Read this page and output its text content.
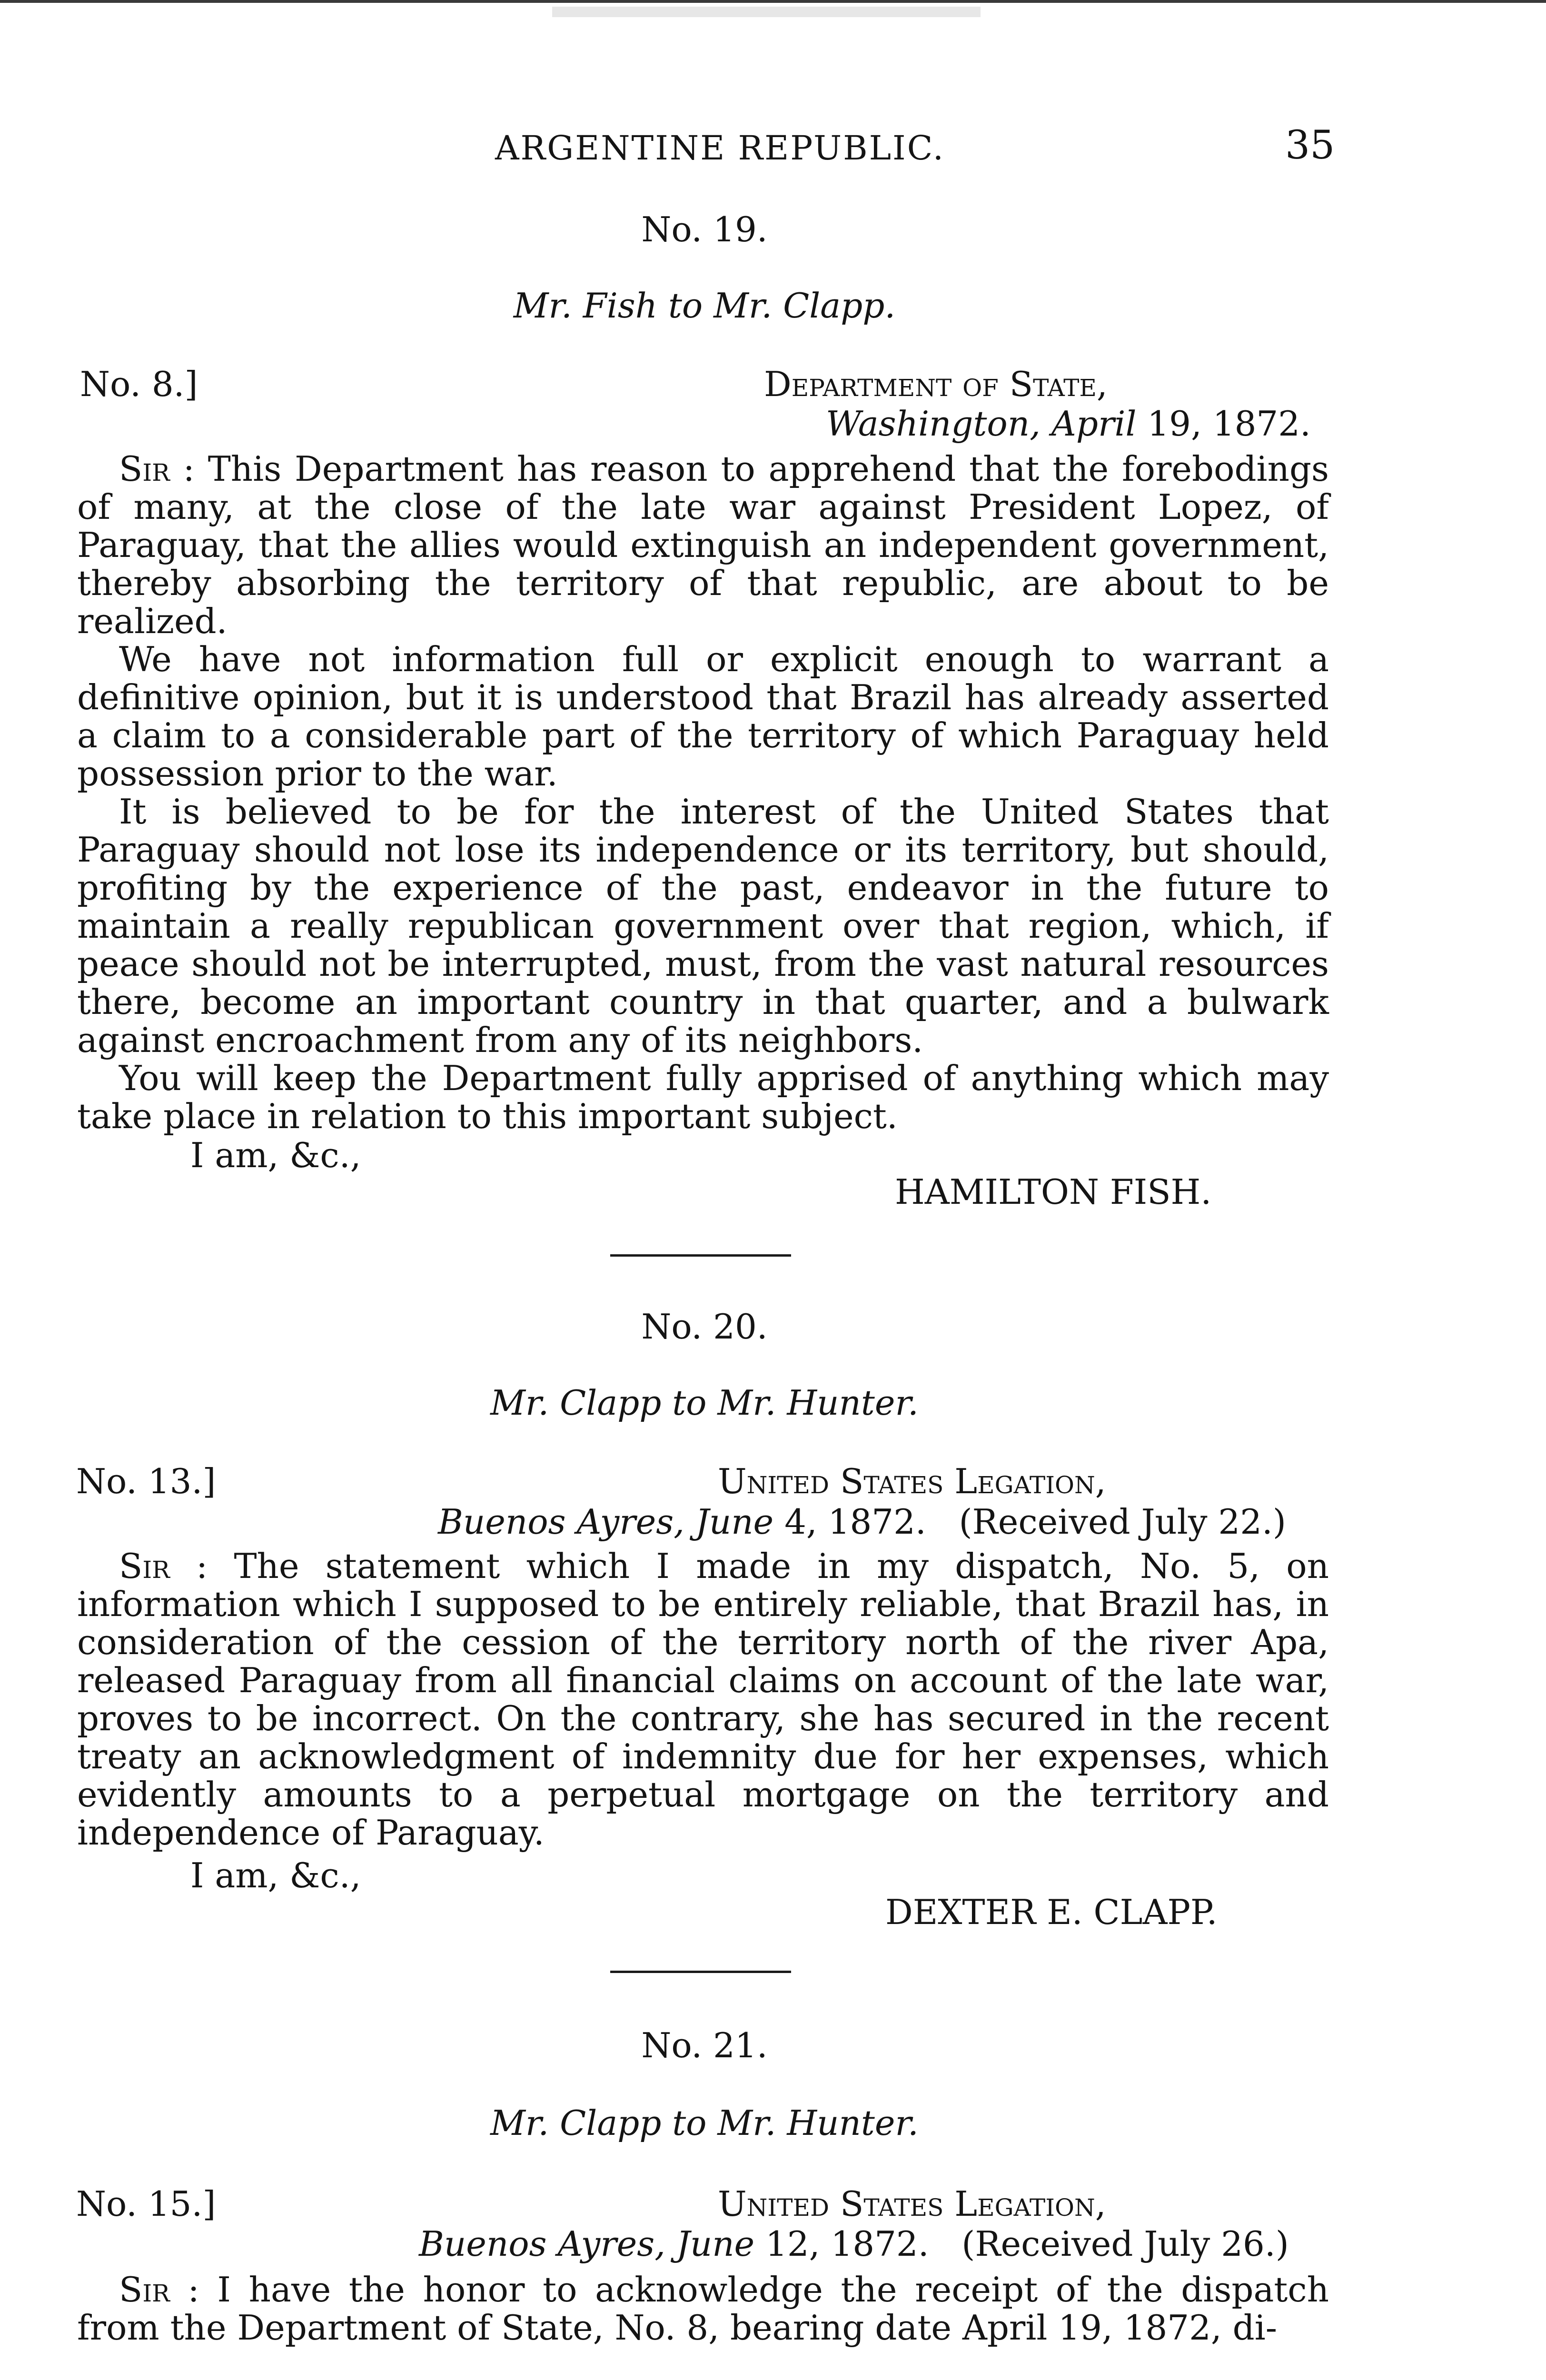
ARGENTINE REPUBLIC.	35
No. 19.
Mr. Fish to Mr. Clapp.
No. 8.]	Department of State,
Washington, April 19, 1872.
Sir : This Department has reason to apprehend that the forebodings of many, at the close of the late war against President Lopez, of Paraguay, that the allies would extinguish an independent government, thereby absorbing the territory of that republic, are about to be realized.
We have not information full or explicit enough to warrant a definitive opinion, but it is understood that Brazil has already asserted a claim to a considerable part of the territory of which Paraguay held possession prior to the war.
It is believed to be for the interest of the United States that Paraguay should not lose its independence or its territory, but should, profiting by the experience of the past, endeavor in the future to maintain a really republican government over that region, which, if peace should not be interrupted, must, from the vast natural resources there, become an important country in that quarter, and a bulwark against encroachment from any of its neighbors.
You will keep the Department fully apprised of anything which may take place in relation to this important subject.
I am, &c.,
HAMILTON FISH.
No. 20.
Mr. Clapp to Mr. Hunter.
No. 13.]	United States Legation,
Buenos Ayres, June 4, 1872. (Received July 22.)
Sir : The statement which I made in my dispatch, No. 5, on information which I supposed to be entirely reliable, that Brazil has, in consideration of the cession of the territory north of the river Apa, released Paraguay from all financial claims on account of the late war, proves to be incorrect. On the contrary, she has secured in the recent treaty an acknowledgment of indemnity due for her expenses, which evidently amounts to a perpetual mortgage on the territory and independence of Paraguay.
I am, &c.,
DEXTER E. CLAPP.
No. 21.
Mr. Clapp to Mr. Hunter.
No. 15.]	United States Legation,
Buenos Ayres, June 12, 1872. (Received July 26.)
Sir : I have the honor to acknowledge the receipt of the dispatch from the Department of State, No. 8, bearing date April 19, 1872, di-
